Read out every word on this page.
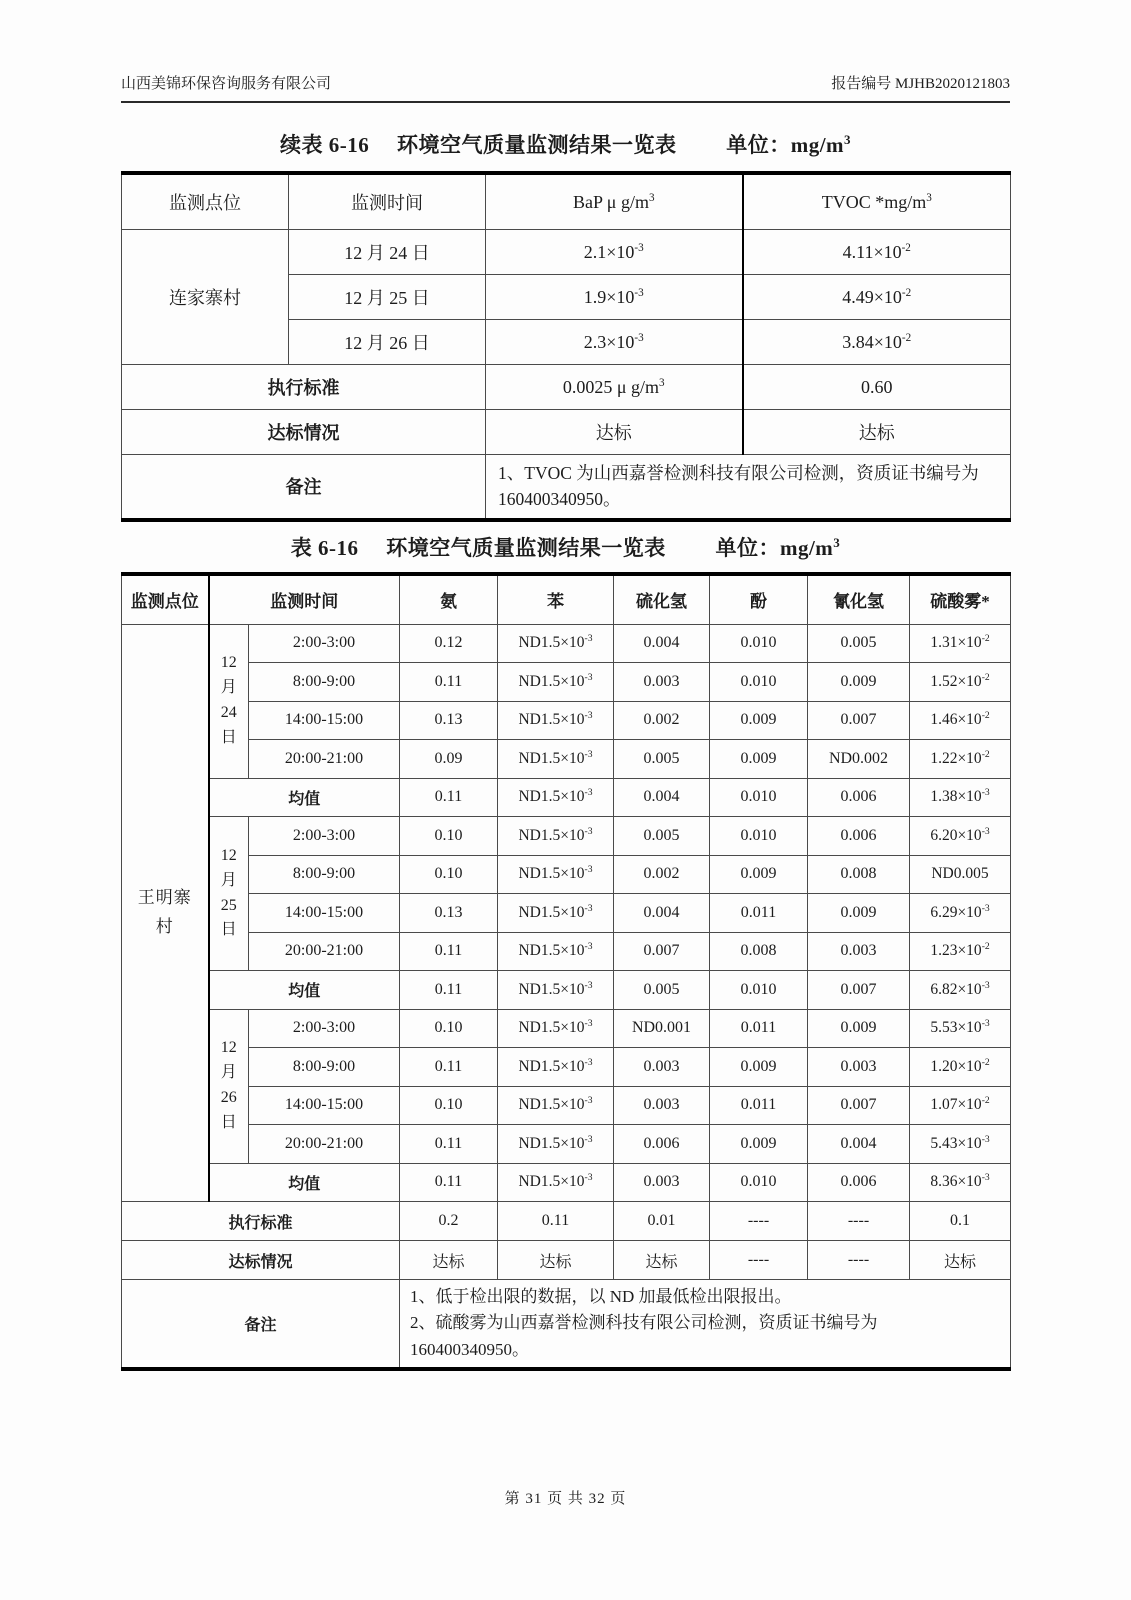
山西美锦环保咨询服务有限公司	报告编号 MJHB2020121803
续表 6-16 环境空气质量监测结果一览表 单位：$mg/m^3$
监测点位	监测时间	BaP μ $g/m^3$	TVOC $*mg/m^3$
连家寨村	12 月 24 日	$2.1\times 10^{-3}$	$4.11\times 10^{-2}$
	12 月 25 日	$1.9\times 10^{-3}$	$4.49\times 10^{-2}$
	12 月 26 日	$2.3\times 10^{-3}$	$3.84\times 10^{-2}$
执行标准		0.0025 μ $g/m^3$	0.60
达标情况		达标	达标
备注		1、TVOC 为山西嘉誉检测科技有限公司检测，资质证书编号为 160400340950。	
表 6-16 环境空气质量监测结果一览表 单位：$mg/m^3$
监测点位	监测时间		氨	苯	硫化氢	酚	氰化氢	硫酸雾*
王明寨村	12
月
24
日	2:00-3:00	0.12	$ND1.5\times 10^{-3}$	0.004	0.010	0.005	$1.31\times 10^{-2}$
		8:00-9:00	0.11	$ND1.5\times 10^{-3}$	0.003	0.010	0.009	$1.52\times 10^{-2}$
		14:00-15:00	0.13	$ND1.5\times 10^{-3}$	0.002	0.009	0.007	$1.46\times 10^{-2}$
		20:00-21:00	0.09	$ND1.5\times 10^{-3}$	0.005	0.009	ND0.002	$1.22\times 10^{-2}$
	均值		0.11	$ND1.5\times 10^{-3}$	0.004	0.010	0.006	$1.38\times 10^{-3}$

	12
月
25
日	2:00-3:00	0.10	$ND1.5\times 10^{-3}$	0.005	0.010	0.006	$6.20\times 10^{-3}$
		8:00-9:00	0.10	$ND1.5\times 10^{-3}$	0.002	0.009	0.008	ND0.005
		14:00-15:00	0.13	$ND1.5\times 10^{-3}$	0.004	0.011	0.009	$6.29\times 10^{-3}$
		20:00-21:00	0.11	$ND1.5\times 10^{-3}$	0.007	0.008	0.003	$1.23\times 10^{-2}$
	均值		0.11	$ND1.5\times 10^{-3}$	0.005	0.010	0.007	$6.82\times 10^{-3}$

	12
月
26
日	2:00-3:00	0.10	$ND1.5\times 10^{-3}$	ND0.001	0.011	0.009	$5.53\times 10^{-3}$
		8:00-9:00	0.11	$ND1.5\times 10^{-3}$	0.003	0.009	0.003	$1.20\times 10^{-2}$
		14:00-15:00	0.10	$ND1.5\times 10^{-3}$	0.003	0.011	0.007	$1.07\times 10^{-2}$
		20:00-21:00	0.11	$ND1.5\times 10^{-3}$	0.006	0.009	0.004	$5.43\times 10^{-3}$
	均值		0.11	$ND1.5\times 10^{-3}$	0.003	0.010	0.006	$8.36\times 10^{-3}$
执行标准			0.2	0.11	0.01	----	----	0.1
达标情况			达标	达标	达标	----	----	达标
备注			1、低于检出限的数据，以 ND 加最低检出限报出。
2、硫酸雾为山西嘉誉检测科技有限公司检测，资质证书编号为 160400340950。					
第 31 页 共 32 页
